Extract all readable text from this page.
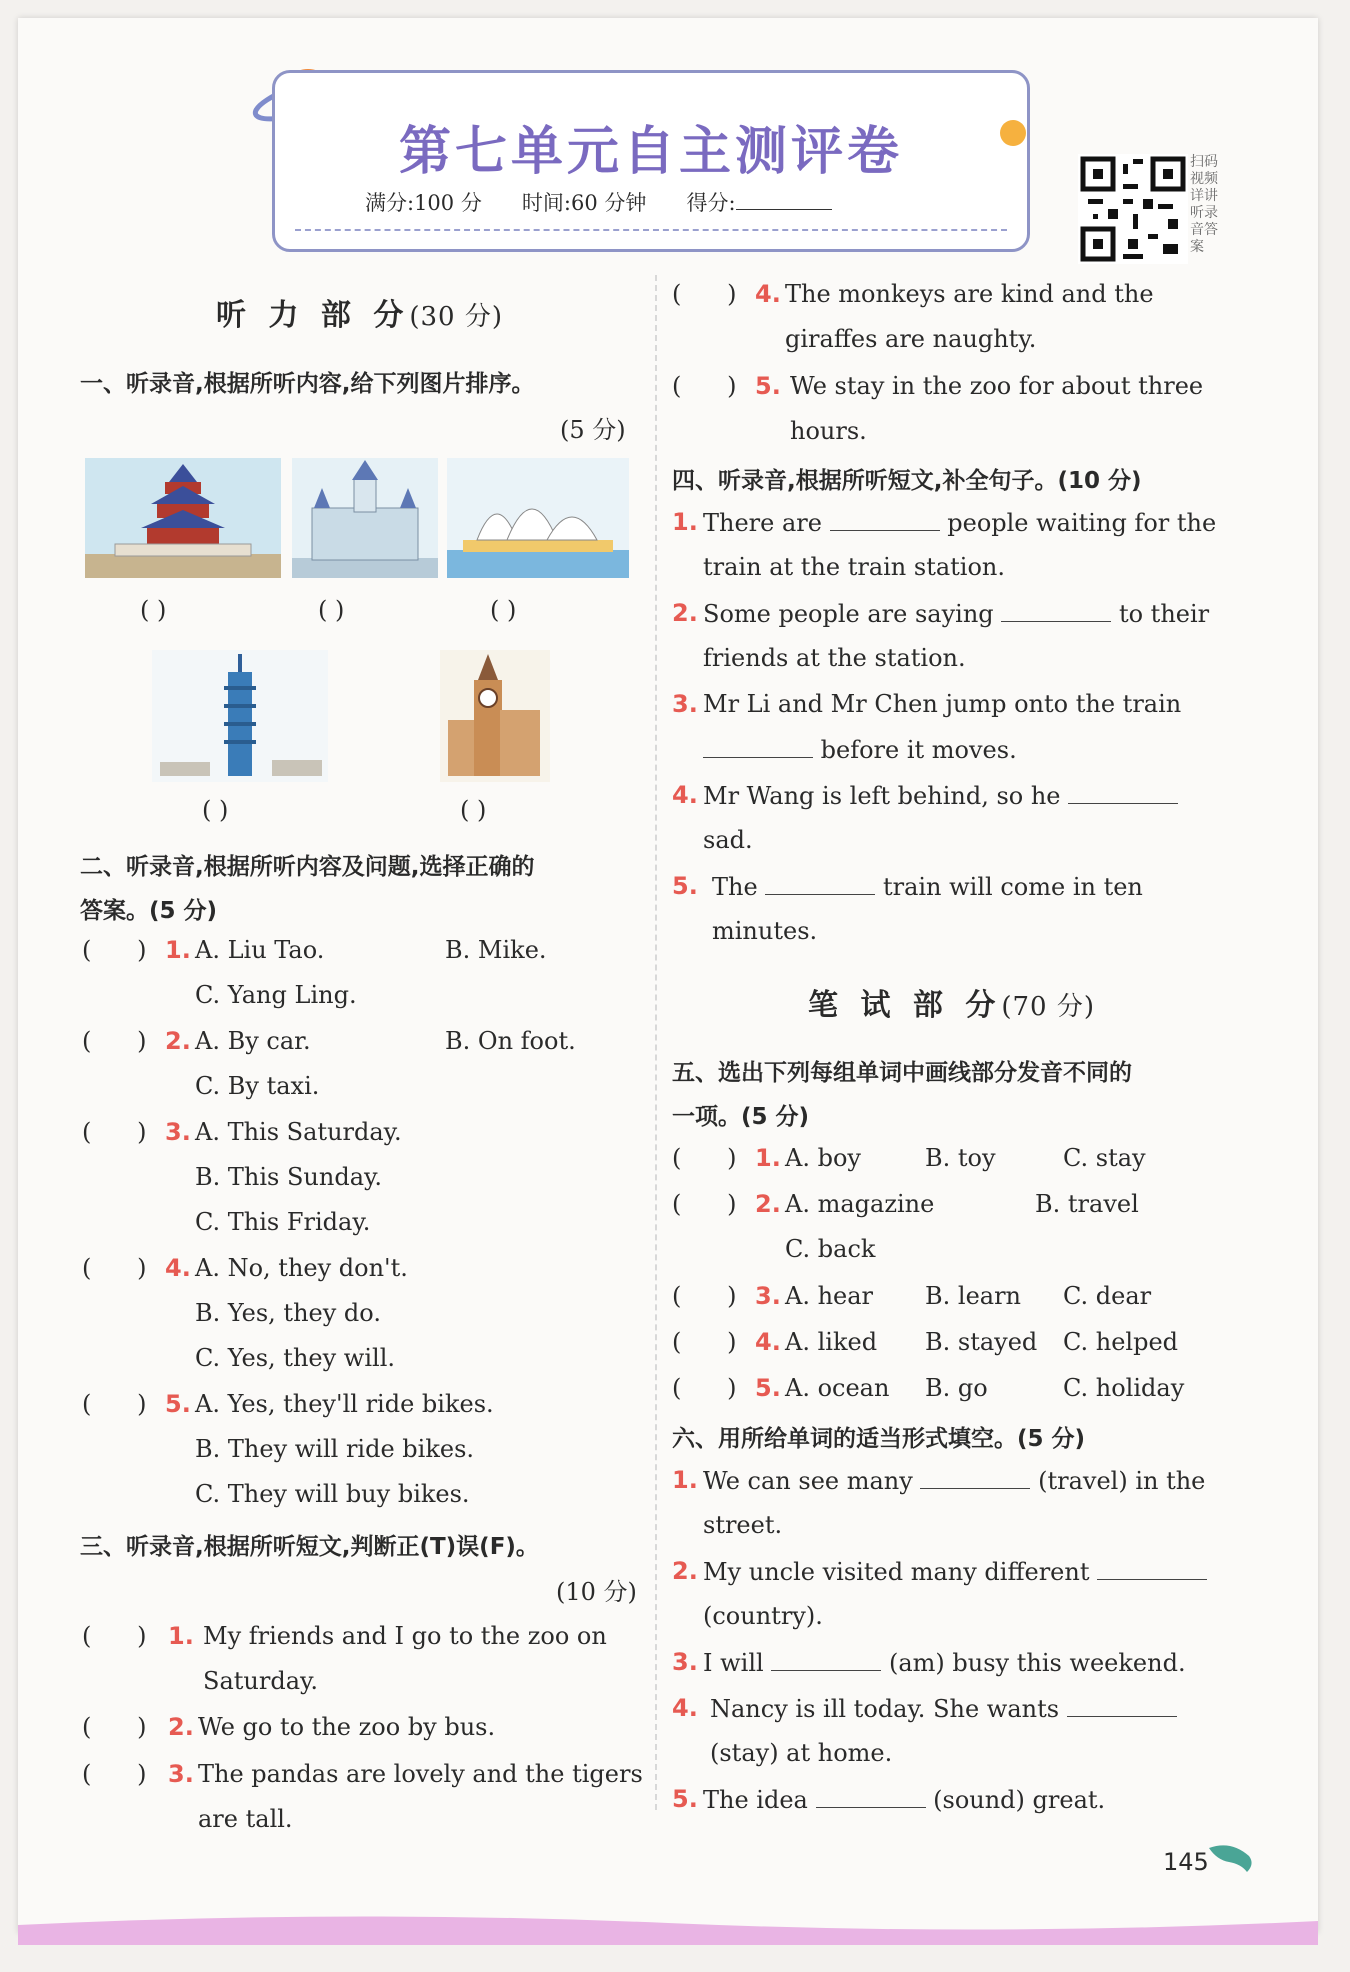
第七单元自主测评卷
满分:100 分 时间:60 分钟 得分:
扫码视频详讲听录音答案
听 力 部 分(30 分)
一、听录音,根据所听内容,给下列图片排序。
(5 分)
( )	( )	( )
( )	( )
二、听录音,根据所听内容及问题,选择正确的
答案。(5 分)
(      ) 1. A. Liu Tao.	B. Mike.
C. Yang Ling.
(      ) 2. A. By car.	B. On foot.
C. By taxi.
(      ) 3. A. This Saturday.
B. This Sunday.
C. This Friday.
(      ) 4. A. No, they don't.
B. Yes, they do.
C. Yes, they will.
(      ) 5. A. Yes, they'll ride bikes.
B. They will ride bikes.
C. They will buy bikes.
三、听录音,根据所听短文,判断正(T)误(F)。
(10 分)
(      ) 1. My friends and I go to the zoo on
Saturday.
(      ) 2. We go to the zoo by bus.
(      ) 3. The pandas are lovely and the tigers
are tall.
(      ) 4. The monkeys are kind and the
giraffes are naughty.
(      ) 5. We stay in the zoo for about three
hours.
四、听录音,根据所听短文,补全句子。(10 分)
1. There are	people waiting for the
train at the train station.
2. Some people are saying	to their
friends at the station.
3. Mr Li and Mr Chen jump onto the train
before it moves.
4. Mr Wang is left behind, so he
sad.
5. The	train will come in ten
minutes.
笔 试 部 分(70 分)
五、选出下列每组单词中画线部分发音不同的
一项。(5 分)
(      ) 1. A. boy	B. toy	C. stay
(      ) 2. A. magazine	B. travel
C. back
(      ) 3. A. hear B. learn C. dear
(      ) 4. A. liked B. stayed C. helped
(      ) 5. A. ocean B. go	C. holiday
六、用所给单词的适当形式填空。(5 分)
1. We can see many	(travel) in the
street.
2. My uncle visited many different
(country).
3. I will	(am) busy this weekend.
4. Nancy is ill today. She wants
(stay) at home.
5. The idea	(sound) great.
145
